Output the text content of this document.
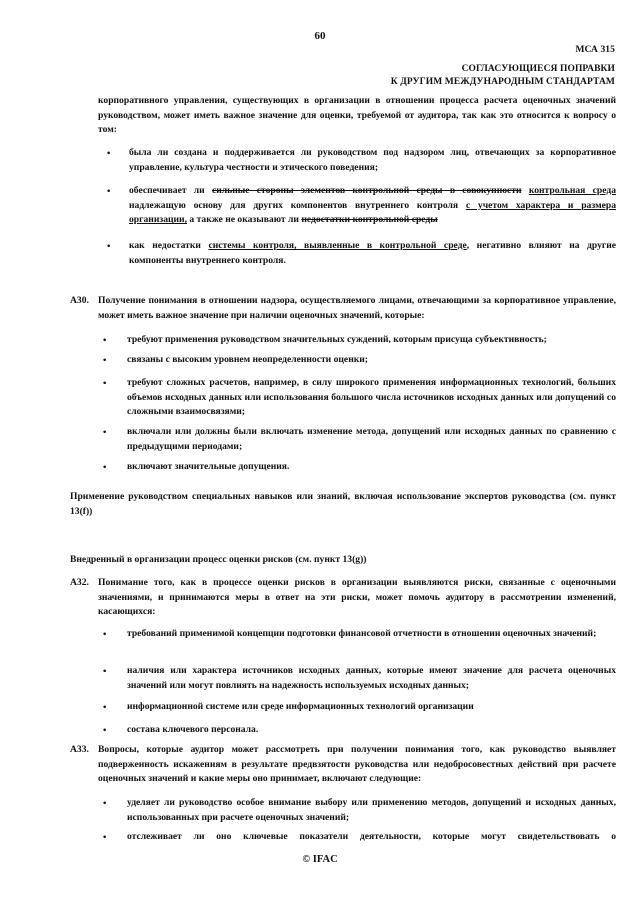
60
МСА 315
СОГЛАСУЮЩИЕСЯ ПОПРАВКИ
К ДРУГИМ МЕЖДУНАРОДНЫМ СТАНДАРТАМ
корпоративного управления, существующих в организации в отношении процесса расчета оценочных значений руководством, может иметь важное значение для оценки, требуемой от аудитора, так как это относится к вопросу о том:
• была ли создана и поддерживается ли руководством под надзором лиц, отвечающих за корпоративное управление, культура честности и этического поведения;
• обеспечивает ли сильные стороны элементов контрольной среды в совокупности контрольная среда надлежащую основу для других компонентов внутреннего контроля с учетом характера и размера организации, а также не оказывают ли недостатки контрольной среды
• как недостатки системы контроля, выявленные в контрольной среде, негативно влияют на другие компоненты внутреннего контроля.
A30. Получение понимания в отношении надзора, осуществляемого лицами, отвечающими за корпоративное управление, может иметь важное значение при наличии оценочных значений, которые:
• требуют применения руководством значительных суждений, которым присуща субъективность;
• связаны с высоким уровнем неопределенности оценки;
• требуют сложных расчетов, например, в силу широкого применения информационных технологий, больших объемов исходных данных или использования большого числа источников исходных данных или допущений со сложными взаимосвязями;
• включали или должны были включать изменение метода, допущений или исходных данных по сравнению с предыдущими периодами;
• включают значительные допущения.
Применение руководством специальных навыков или знаний, включая использование экспертов руководства (см. пункт 13(f))
Внедренный в организации процесс оценки рисков (см. пункт 13(g))
A32. Понимание того, как в процессе оценки рисков в организации выявляются риски, связанные с оценочными значениями, и принимаются меры в ответ на эти риски, может помочь аудитору в рассмотрении изменений, касающихся:
• требований применимой концепции подготовки финансовой отчетности в отношении оценочных значений;
• наличия или характера источников исходных данных, которые имеют значение для расчета оценочных значений или могут повлиять на надежность используемых исходных данных;
• информационной системе или среде информационных технологий организации
• состава ключевого персонала.
A33. Вопросы, которые аудитор может рассмотреть при получении понимания того, как руководство выявляет подверженность искажениям в результате предвзятости руководства или недобросовестных действий при расчете оценочных значений и какие меры оно принимает, включают следующие:
• уделяет ли руководство особое внимание выбору или применению методов, допущений и исходных данных, использованных при расчете оценочных значений;
• отслеживает ли оно ключевые показатели деятельности, которые могут свидетельствовать о
© IFAC
